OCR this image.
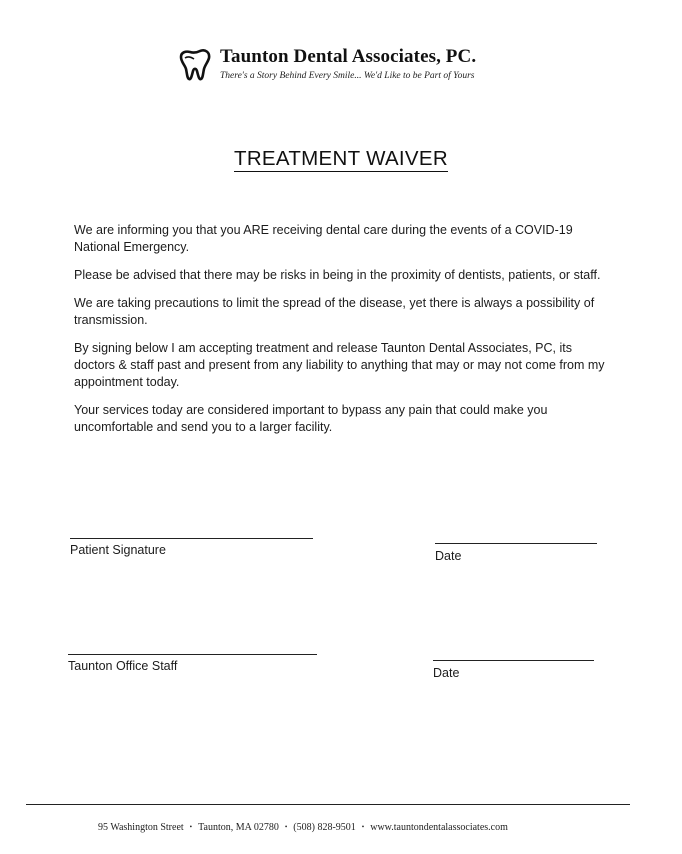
Taunton Dental Associates, PC.
There's a Story Behind Every Smile... We'd Like to be Part of Yours
TREATMENT WAIVER

We are informing you that you ARE receiving dental care during the events of a COVID-19 National Emergency.

Please be advised that there may be risks in being in the proximity of dentists, patients, or staff.

We are taking precautions to limit the spread of the disease, yet there is always a possibility of transmission.

By signing below I am accepting treatment and release Taunton Dental Associates, PC, its doctors & staff past and present from any liability to anything that may or may not come from my appointment today.

Your services today are considered important to bypass any pain that could make you uncomfortable and send you to a larger facility.

Patient Signature	Date
Taunton Office Staff	Date
95 Washington Street • Taunton, MA 02780 • (508) 828-9501 • www.tauntondentalassociates.com
